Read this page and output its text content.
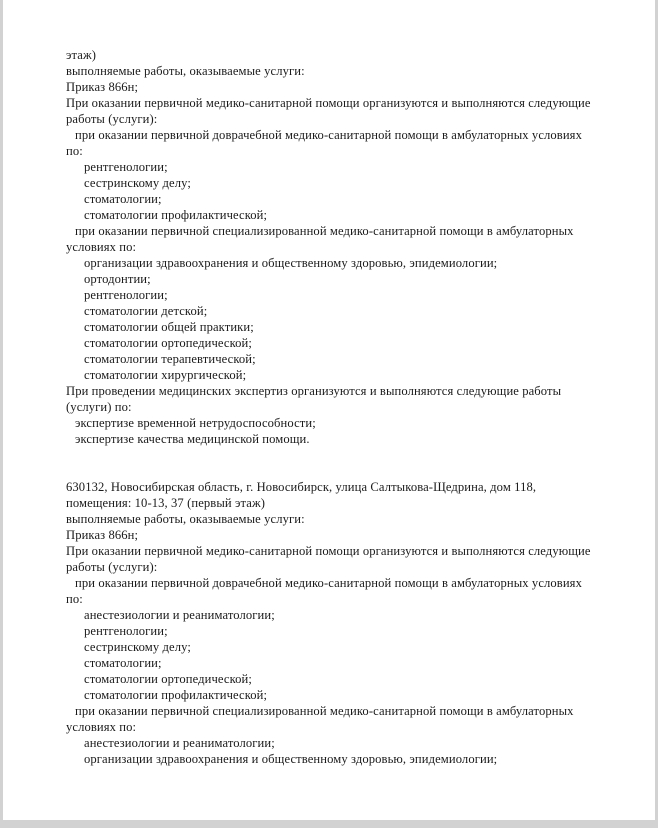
этаж)
выполняемые работы, оказываемые услуги:
Приказ 866н;
При оказании первичной медико-санитарной помощи организуются и выполняются следующие
работы (услуги):
при оказании первичной доврачебной медико-санитарной помощи в амбулаторных условиях
по:
рентгенологии;
сестринскому делу;
стоматологии;
стоматологии профилактической;
при оказании первичной специализированной медико-санитарной помощи в амбулаторных
условиях по:
организации здравоохранения и общественному здоровью, эпидемиологии;
ортодонтии;
рентгенологии;
стоматологии детской;
стоматологии общей практики;
стоматологии ортопедической;
стоматологии терапевтической;
стоматологии хирургической;
При проведении медицинских экспертиз организуются и выполняются следующие работы
(услуги) по:
экспертизе временной нетрудоспособности;
экспертизе качества медицинской помощи.
630132, Новосибирская область, г. Новосибирск, улица Салтыкова-Щедрина, дом 118,
помещения: 10-13, 37 (первый этаж)
выполняемые работы, оказываемые услуги:
Приказ 866н;
При оказании первичной медико-санитарной помощи организуются и выполняются следующие
работы (услуги):
при оказании первичной доврачебной медико-санитарной помощи в амбулаторных условиях
по:
анестезиологии и реаниматологии;
рентгенологии;
сестринскому делу;
стоматологии;
стоматологии ортопедической;
стоматологии профилактической;
при оказании первичной специализированной медико-санитарной помощи в амбулаторных
условиях по:
анестезиологии и реаниматологии;
организации здравоохранения и общественному здоровью, эпидемиологии;
